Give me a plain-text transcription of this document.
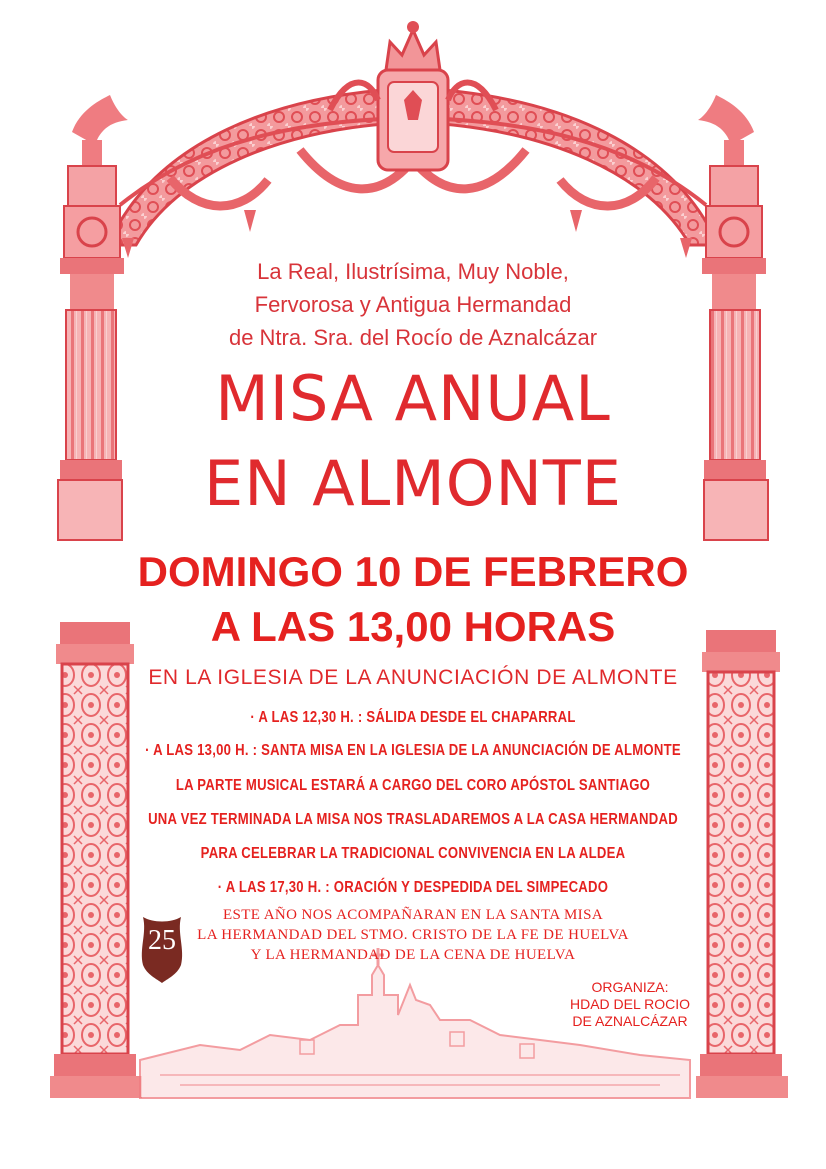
La Real, Ilustrísima, Muy Noble,
Fervorosa y Antigua Hermandad
de Ntra. Sra. del Rocío de Aznalcázar
MISA ANUAL
EN ALMONTE
DOMINGO 10 DE FEBRERO
A LAS 13,00 HORAS
EN LA IGLESIA DE LA ANUNCIACIÓN DE ALMONTE
· A LAS 12,30 H. : SÁLIDA DESDE EL CHAPARRAL
· A LAS 13,00 H. : SANTA MISA EN LA IGLESIA DE LA ANUNCIACIÓN DE ALMONTE
LA PARTE MUSICAL ESTARÁ A CARGO DEL CORO APÓSTOL SANTIAGO
UNA VEZ TERMINADA LA MISA NOS TRASLADAREMOS A LA CASA HERMANDAD
PARA CELEBRAR LA TRADICIONAL CONVIVENCIA EN LA ALDEA
· A LAS 17,30 H. : ORACIÓN Y DESPEDIDA DEL SIMPECADO
ESTE AÑO NOS ACOMPAÑARAN EN LA SANTA MISA
LA HERMANDAD DEL STMO. CRISTO DE LA FE DE HUELVA
Y LA HERMANDAD DE LA CENA DE HUELVA
25
ORGANIZA:
HDAD DEL ROCIO
DE AZNALCÁZAR
